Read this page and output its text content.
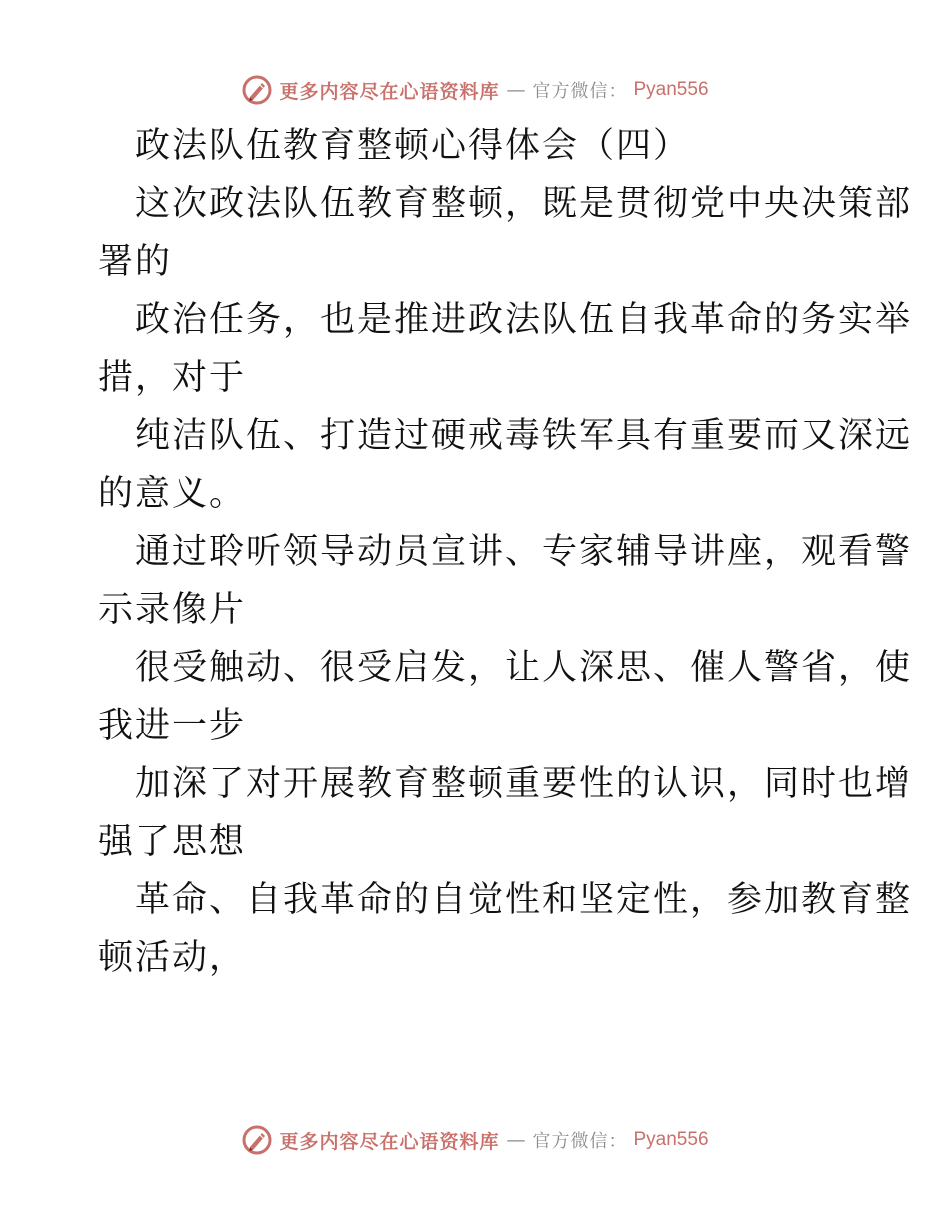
更多内容尽在心语资料库 — 官方微信： Pyan556
政法队伍教育整顿心得体会（四）
这次政法队伍教育整顿，既是贯彻党中央决策部
署的
政治任务，也是推进政法队伍自我革命的务实举
措，对于
纯洁队伍、打造过硬戒毒铁军具有重要而又深远
的意义。
通过聆听领导动员宣讲、专家辅导讲座，观看警
示录像片
很受触动、很受启发，让人深思、催人警省，使
我进一步
加深了对开展教育整顿重要性的认识，同时也增
强了思想
革命、自我革命的自觉性和坚定性，参加教育整
顿活动，
更多内容尽在心语资料库 — 官方微信： Pyan556
